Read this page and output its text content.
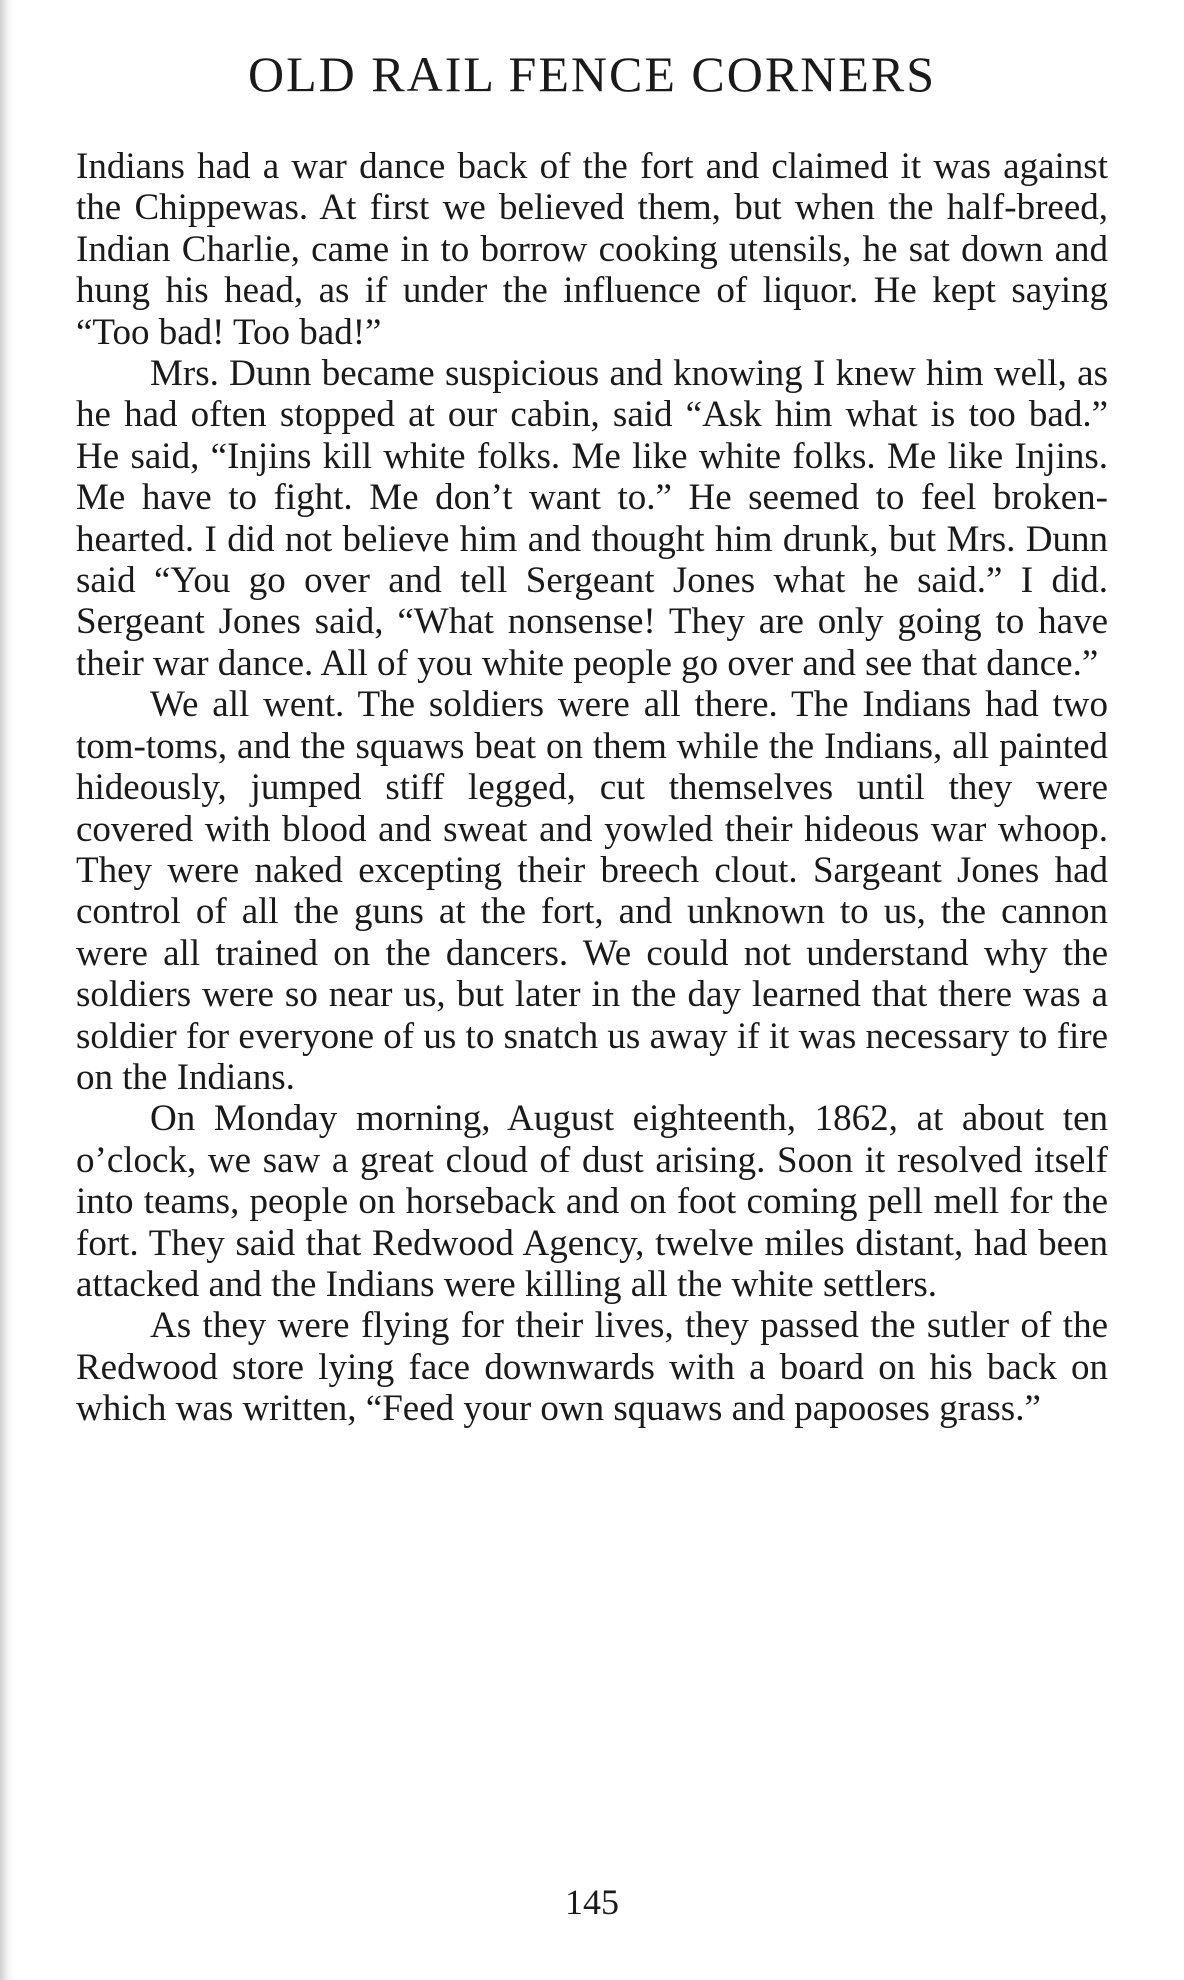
OLD RAIL FENCE CORNERS

Indians had a war dance back of the fort and claimed it was against the Chippewas. At first we believed them, but when the half-breed, Indian Charlie, came in to borrow cooking utensils, he sat down and hung his head, as if under the influence of liquor. He kept saying “Too bad! Too bad!”

Mrs. Dunn became suspicious and knowing I knew him well, as he had often stopped at our cabin, said “Ask him what is too bad.” He said, “Injins kill white folks. Me like white folks. Me like Injins. Me have to fight. Me don’t want to.” He seemed to feel broken-hearted. I did not believe him and thought him drunk, but Mrs. Dunn said “You go over and tell Sergeant Jones what he said.” I did. Sergeant Jones said, “What nonsense! They are only going to have their war dance. All of you white people go over and see that dance.”

We all went. The soldiers were all there. The Indians had two tom-toms, and the squaws beat on them while the Indians, all painted hideously, jumped stiff legged, cut themselves until they were covered with blood and sweat and yowled their hideous war whoop. They were naked excepting their breech clout. Sargeant Jones had control of all the guns at the fort, and unknown to us, the cannon were all trained on the dancers. We could not understand why the soldiers were so near us, but later in the day learned that there was a soldier for everyone of us to snatch us away if it was necessary to fire on the Indians.

On Monday morning, August eighteenth, 1862, at about ten o’clock, we saw a great cloud of dust arising. Soon it resolved itself into teams, people on horseback and on foot coming pell mell for the fort. They said that Redwood Agency, twelve miles distant, had been attacked and the Indians were killing all the white settlers.

As they were flying for their lives, they passed the sutler of the Redwood store lying face downwards with a board on his back on which was written, “Feed your own squaws and papooses grass.”

145
